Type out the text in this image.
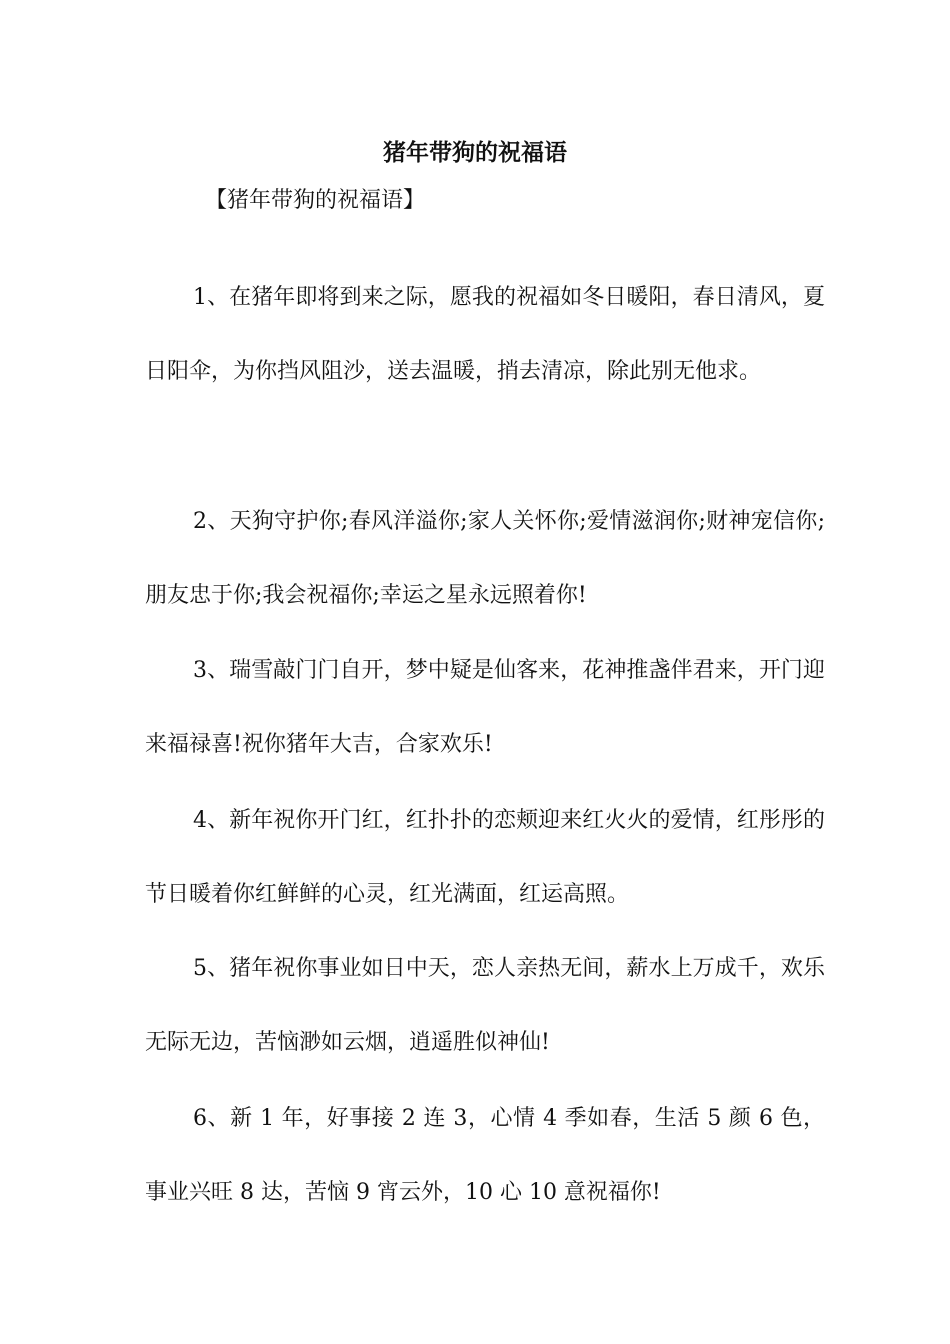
猪年带狗的祝福语
【猪年带狗的祝福语】

1、在猪年即将到来之际，愿我的祝福如冬日暖阳，春日清风，夏日阳伞，为你挡风阻沙，送去温暖，捎去清凉，除此别无他求。

2、天狗守护你;春风洋溢你;家人关怀你;爱情滋润你;财神宠信你;朋友忠于你;我会祝福你;幸运之星永远照着你!

3、瑞雪敲门门自开，梦中疑是仙客来，花神推盏伴君来，开门迎来福禄喜!祝你猪年大吉，合家欢乐!

4、新年祝你开门红，红扑扑的恋颊迎来红火火的爱情，红彤彤的节日暖着你红鲜鲜的心灵，红光满面，红运高照。

5、猪年祝你事业如日中天，恋人亲热无间，薪水上万成千，欢乐无际无边，苦恼渺如云烟，逍遥胜似神仙!

6、新 1 年，好事接 2 连 3，心情 4 季如春，生活 5 颜 6 色，事业兴旺 8 达，苦恼 9 宵云外，10 心 10 意祝福你!
